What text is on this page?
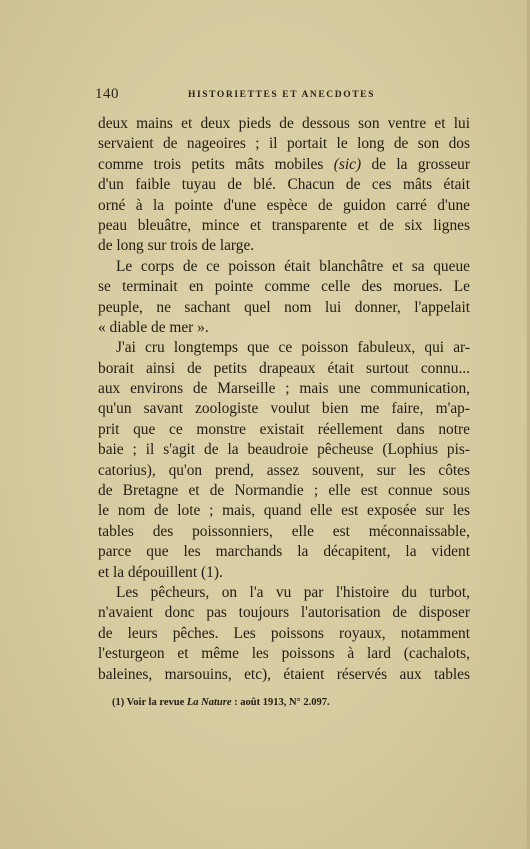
140	HISTORIETTES ET ANECDOTES
deux mains et deux pieds de dessous son ventre et lui
servaient de nageoires ; il portait le long de son dos
comme trois petits mâts mobiles (sic) de la grosseur
d'un faible tuyau de blé. Chacun de ces mâts était
orné à la pointe d'une espèce de guidon carré d'une
peau bleuâtre, mince et transparente et de six lignes
de long sur trois de large.
Le corps de ce poisson était blanchâtre et sa queue
se terminait en pointe comme celle des morues. Le
peuple, ne sachant quel nom lui donner, l'appelait
« diable de mer ».
J'ai cru longtemps que ce poisson fabuleux, qui ar-
borait ainsi de petits drapeaux était surtout connu...
aux environs de Marseille ; mais une communication,
qu'un savant zoologiste voulut bien me faire, m'ap-
prit que ce monstre existait réellement dans notre
baie ; il s'agit de la beaudroie pêcheuse (Lophius pis-
catorius), qu'on prend, assez souvent, sur les côtes
de Bretagne et de Normandie ; elle est connue sous
le nom de lote ; mais, quand elle est exposée sur les
tables des poissonniers, elle est méconnaissable,
parce que les marchands la décapitent, la vident
et la dépouillent (1).
Les pêcheurs, on l'a vu par l'histoire du turbot,
n'avaient donc pas toujours l'autorisation de disposer
de leurs pêches. Les poissons royaux, notamment
l'esturgeon et même les poissons à lard (cachalots,
baleines, marsouins, etc), étaient réservés aux tables
(1) Voir la revue La Nature : août 1913, N° 2.097.
